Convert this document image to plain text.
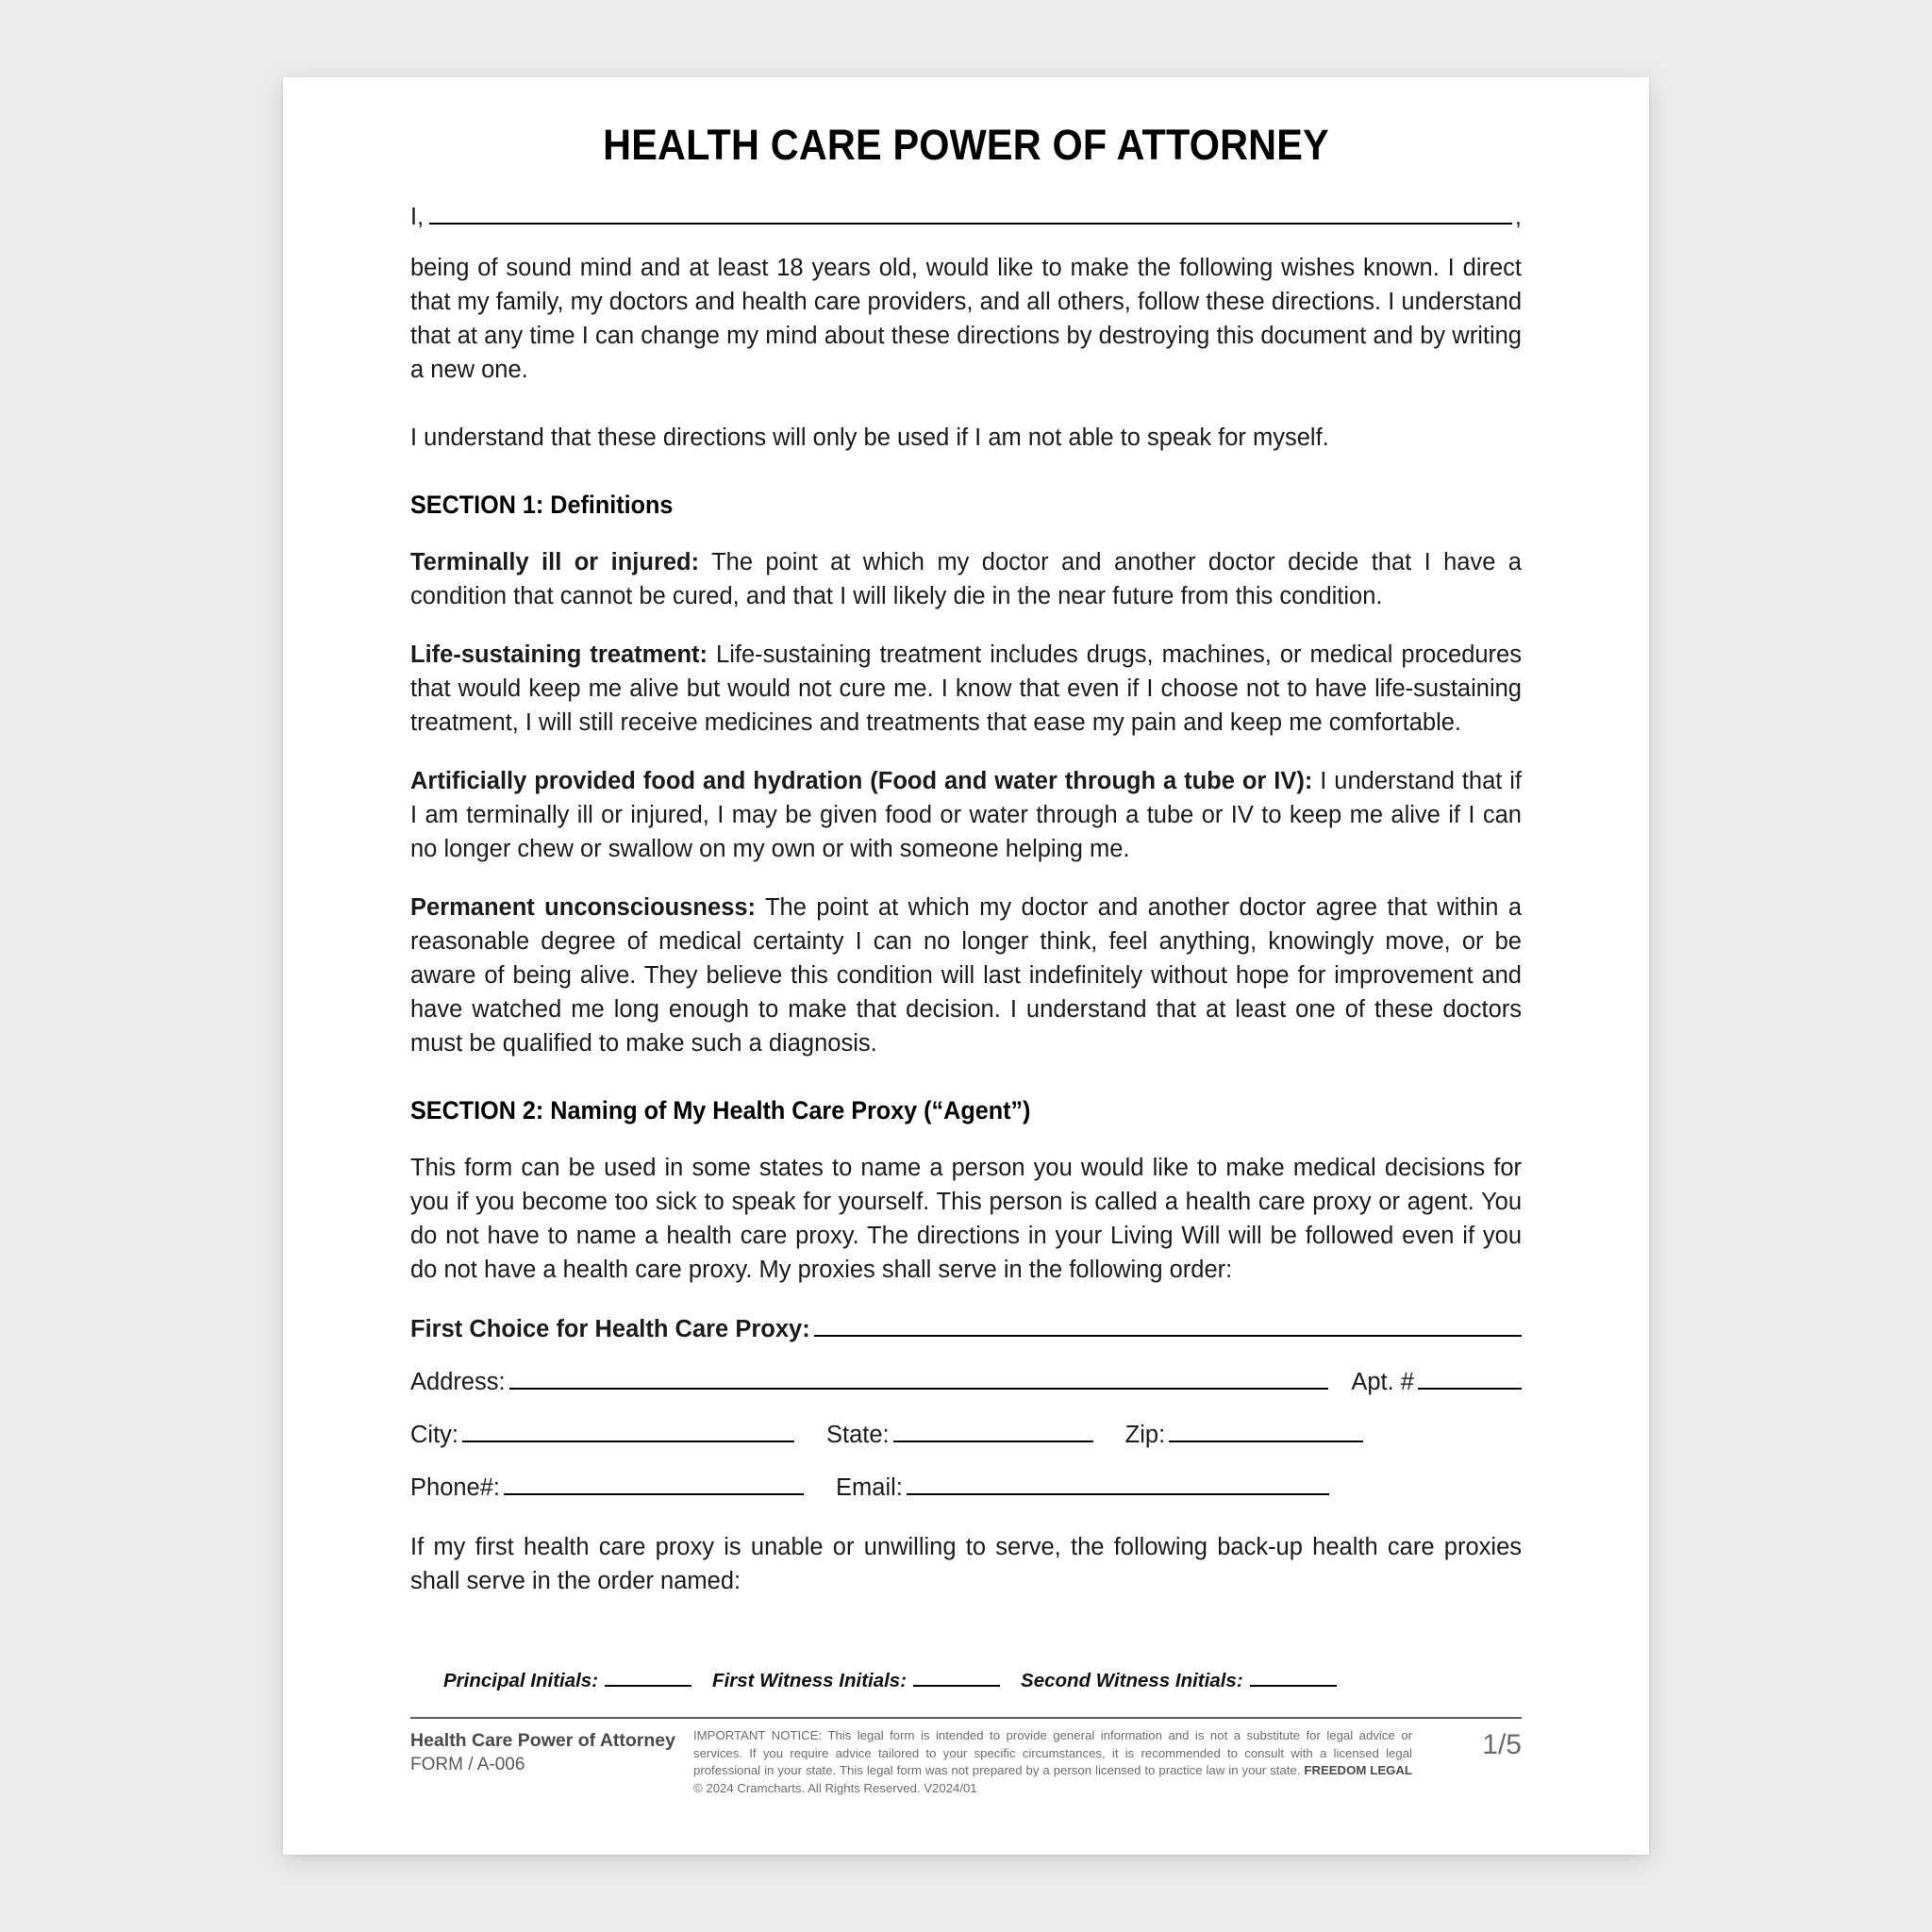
HEALTH CARE POWER OF ATTORNEY
I,	,

being of sound mind and at least 18 years old, would like to make the following wishes known. I direct that my family, my doctors and health care providers, and all others, follow these directions. I understand that at any time I can change my mind about these directions by destroying this document and by writing a new one.

I understand that these directions will only be used if I am not able to speak for myself.

SECTION 1: Definitions

Terminally ill or injured: The point at which my doctor and another doctor decide that I have a condition that cannot be cured, and that I will likely die in the near future from this condition.

Life-sustaining treatment: Life-sustaining treatment includes drugs, machines, or medical procedures that would keep me alive but would not cure me. I know that even if I choose not to have life-sustaining treatment, I will still receive medicines and treatments that ease my pain and keep me comfortable.

Artificially provided food and hydration (Food and water through a tube or IV): I understand that if I am terminally ill or injured, I may be given food or water through a tube or IV to keep me alive if I can no longer chew or swallow on my own or with someone helping me.

Permanent unconsciousness: The point at which my doctor and another doctor agree that within a reasonable degree of medical certainty I can no longer think, feel anything, knowingly move, or be aware of being alive. They believe this condition will last indefinitely without hope for improvement and have watched me long enough to make that decision. I understand that at least one of these doctors must be qualified to make such a diagnosis.

SECTION 2: Naming of My Health Care Proxy (“Agent”)

This form can be used in some states to name a person you would like to make medical decisions for you if you become too sick to speak for yourself. This person is called a health care proxy or agent. You do not have to name a health care proxy. The directions in your Living Will will be followed even if you do not have a health care proxy. My proxies shall serve in the following order:

First Choice for Health Care Proxy:
Address:	Apt. #
City:	State:	Zip:
Phone#:	Email:

If my first health care proxy is unable or unwilling to serve, the following back-up health care proxies shall serve in the order named:

Principal Initials:	First Witness Initials:	Second Witness Initials:
Health Care Power of Attorney
FORM / A-006
IMPORTANT NOTICE: This legal form is intended to provide general information and is not a substitute for legal advice or services. If you require advice tailored to your specific circumstances, it is recommended to consult with a licensed legal professional in your state. This legal form was not prepared by a person licensed to practice law in your state. FREEDOM LEGAL © 2024 Cramcharts. All Rights Reserved. V2024/01
1/5
